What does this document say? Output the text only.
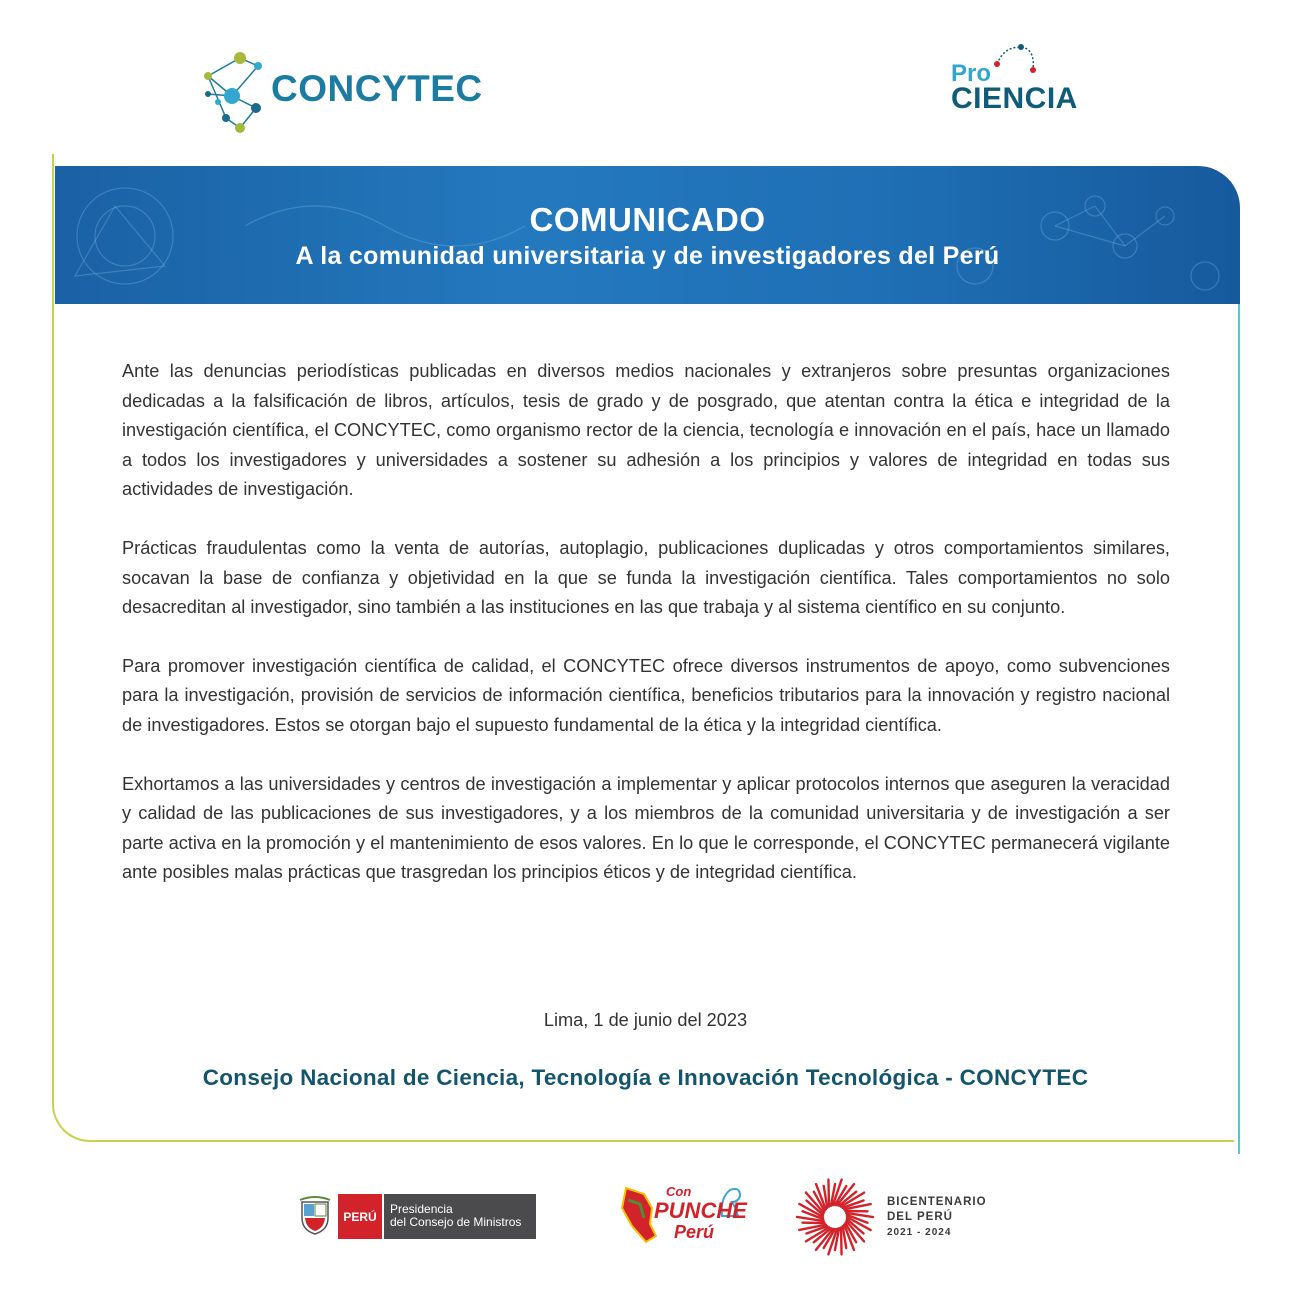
CONCYTEC	Pro
CIENCIA
COMUNICADO
A la comunidad universitaria y de investigadores del Perú

Ante las denuncias periodísticas publicadas en diversos medios nacionales y extranjeros sobre presuntas organizaciones dedicadas a la falsificación de libros, artículos, tesis de grado y de posgrado, que atentan contra la ética e integridad de la investigación científica, el CONCYTEC, como organismo rector de la ciencia, tecnología e innovación en el país, hace un llamado a todos los investigadores y universidades a sostener su adhesión a los principios y valores de integridad en todas sus actividades de investigación.

Prácticas fraudulentas como la venta de autorías, autoplagio, publicaciones duplicadas y otros comportamientos similares, socavan la base de confianza y objetividad en la que se funda la investigación científica. Tales comportamientos no solo desacreditan al investigador, sino también a las instituciones en las que trabaja y al sistema científico en su conjunto.

Para promover investigación científica de calidad, el CONCYTEC ofrece diversos instrumentos de apoyo, como subvenciones para la investigación, provisión de servicios de información científica, beneficios tributarios para la innovación y registro nacional de investigadores. Estos se otorgan bajo el supuesto fundamental de la ética y la integridad científica.

Exhortamos a las universidades y centros de investigación a implementar y aplicar protocolos internos que aseguren la veracidad y calidad de las publicaciones de sus investigadores, y a los miembros de la comunidad universitaria y de investigación a ser parte activa en la promoción y el mantenimiento de esos valores. En lo que le corresponde, el CONCYTEC permanecerá vigilante ante posibles malas prácticas que trasgredan los principios éticos y de integridad científica.

Lima, 1 de junio del 2023
Consejo Nacional de Ciencia, Tecnología e Innovación Tecnológica - CONCYTEC
PERÚ
Presidencia
del Consejo de Ministros
Con
PUNCHE
Perú
BICENTENARIO
DEL PERÚ
2021 - 2024
